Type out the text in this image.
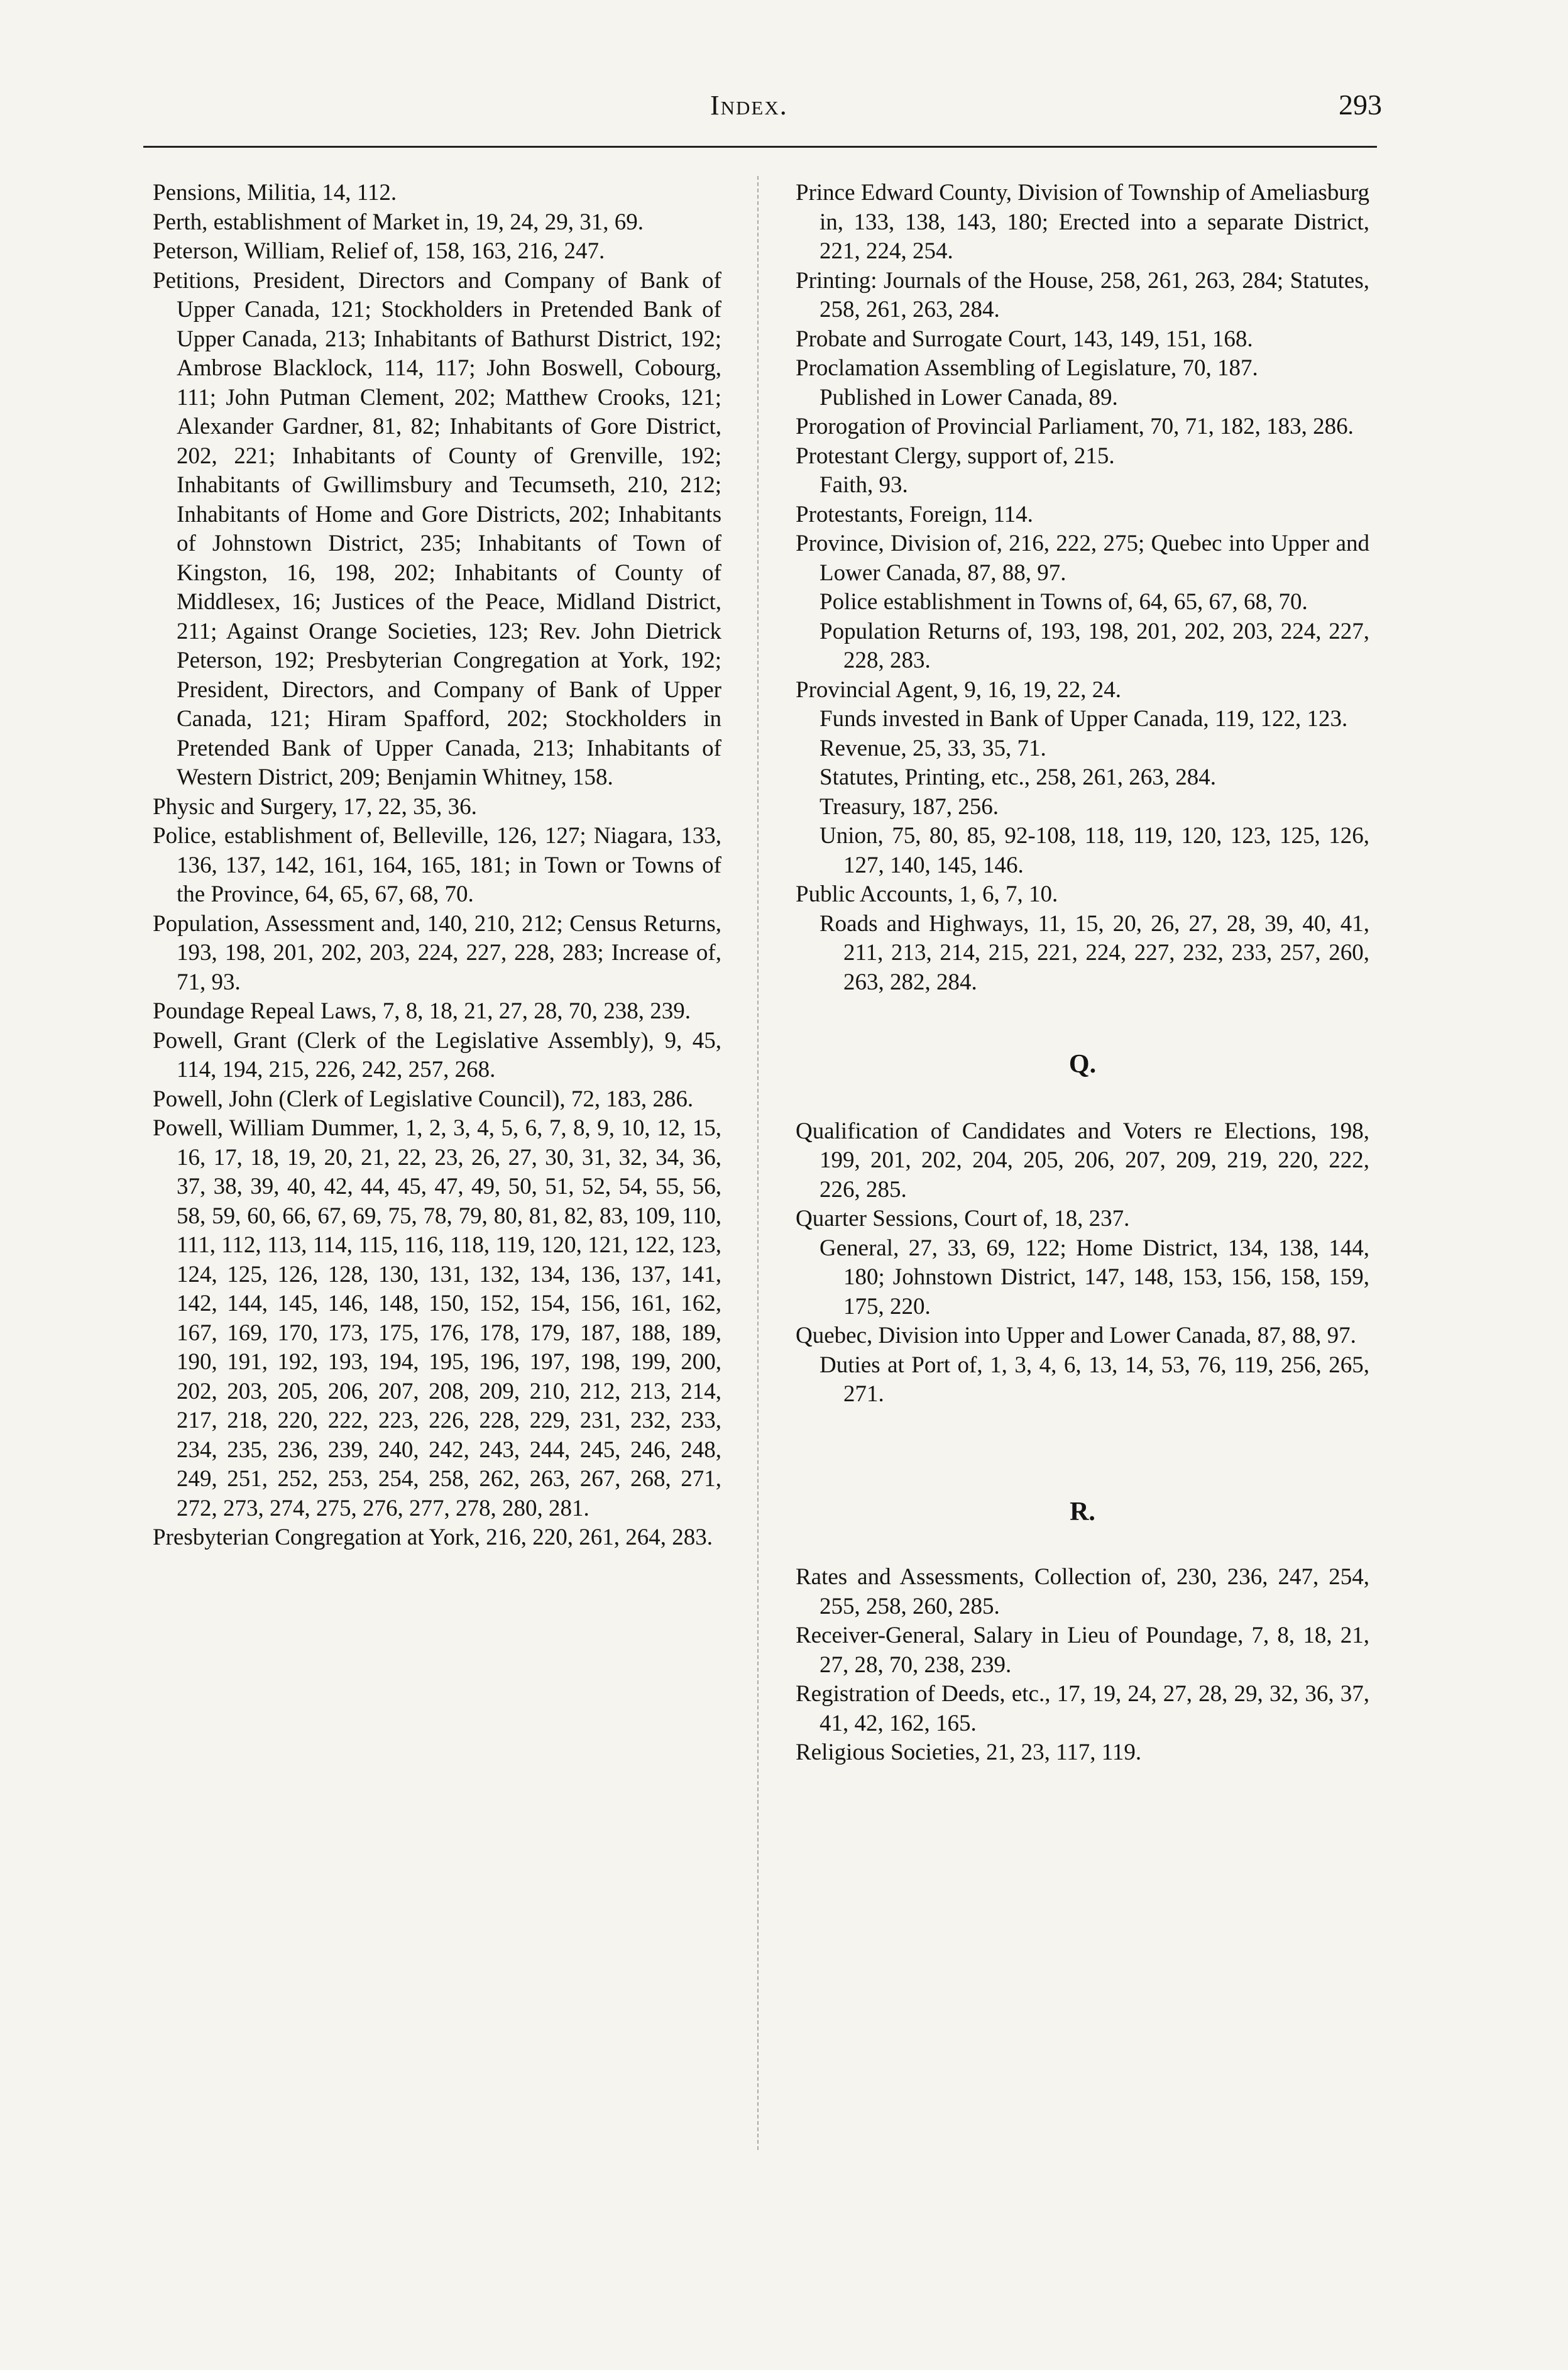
Index.	293

Pensions, Militia, 14, 112.

Perth, establishment of Market in, 19, 24, 29, 31, 69.

Peterson, William, Relief of, 158, 163, 216, 247.

Petitions, President, Directors and Company of Bank of Upper Canada, 121; Stockholders in Pretended Bank of Upper Canada, 213; Inhabitants of Bathurst District, 192; Ambrose Blacklock, 114, 117; John Boswell, Cobourg, 111; John Putman Clement, 202; Matthew Crooks, 121; Alexander Gardner, 81, 82; Inhabitants of Gore District, 202, 221; Inhabitants of County of Grenville, 192; Inhabitants of Gwillimsbury and Tecumseth, 210, 212; Inhabitants of Home and Gore Districts, 202; Inhabitants of Johnstown District, 235; Inhabitants of Town of Kingston, 16, 198, 202; Inhabitants of County of Middlesex, 16; Justices of the Peace, Midland District, 211; Against Orange Societies, 123; Rev. John Dietrick Peterson, 192; Presbyterian Congregation at York, 192; President, Directors, and Company of Bank of Upper Canada, 121; Hiram Spafford, 202; Stockholders in Pretended Bank of Upper Canada, 213; Inhabitants of Western District, 209; Benjamin Whitney, 158.

Physic and Surgery, 17, 22, 35, 36.

Police, establishment of, Belleville, 126, 127; Niagara, 133, 136, 137, 142, 161, 164, 165, 181; in Town or Towns of the Province, 64, 65, 67, 68, 70.

Population, Assessment and, 140, 210, 212; Census Returns, 193, 198, 201, 202, 203, 224, 227, 228, 283; Increase of, 71, 93.

Poundage Repeal Laws, 7, 8, 18, 21, 27, 28, 70, 238, 239.

Powell, Grant (Clerk of the Legislative Assembly), 9, 45, 114, 194, 215, 226, 242, 257, 268.

Powell, John (Clerk of Legislative Council), 72, 183, 286.

Powell, William Dummer, 1, 2, 3, 4, 5, 6, 7, 8, 9, 10, 12, 15, 16, 17, 18, 19, 20, 21, 22, 23, 26, 27, 30, 31, 32, 34, 36, 37, 38, 39, 40, 42, 44, 45, 47, 49, 50, 51, 52, 54, 55, 56, 58, 59, 60, 66, 67, 69, 75, 78, 79, 80, 81, 82, 83, 109, 110, 111, 112, 113, 114, 115, 116, 118, 119, 120, 121, 122, 123, 124, 125, 126, 128, 130, 131, 132, 134, 136, 137, 141, 142, 144, 145, 146, 148, 150, 152, 154, 156, 161, 162, 167, 169, 170, 173, 175, 176, 178, 179, 187, 188, 189, 190, 191, 192, 193, 194, 195, 196, 197, 198, 199, 200, 202, 203, 205, 206, 207, 208, 209, 210, 212, 213, 214, 217, 218, 220, 222, 223, 226, 228, 229, 231, 232, 233, 234, 235, 236, 239, 240, 242, 243, 244, 245, 246, 248, 249, 251, 252, 253, 254, 258, 262, 263, 267, 268, 271, 272, 273, 274, 275, 276, 277, 278, 280, 281.

Presbyterian Congregation at York, 216, 220, 261, 264, 283.

Prince Edward County, Division of Township of Ameliasburg in, 133, 138, 143, 180; Erected into a separate District, 221, 224, 254.

Printing: Journals of the House, 258, 261, 263, 284; Statutes, 258, 261, 263, 284.

Probate and Surrogate Court, 143, 149, 151, 168.

Proclamation Assembling of Legislature, 70, 187.

Published in Lower Canada, 89.

Prorogation of Provincial Parliament, 70, 71, 182, 183, 286.

Protestant Clergy, support of, 215.

Faith, 93.

Protestants, Foreign, 114.

Province, Division of, 216, 222, 275; Quebec into Upper and Lower Canada, 87, 88, 97.

Police establishment in Towns of, 64, 65, 67, 68, 70.

Population Returns of, 193, 198, 201, 202, 203, 224, 227, 228, 283.

Provincial Agent, 9, 16, 19, 22, 24.

Funds invested in Bank of Upper Canada, 119, 122, 123.

Revenue, 25, 33, 35, 71.

Statutes, Printing, etc., 258, 261, 263, 284.

Treasury, 187, 256.

Union, 75, 80, 85, 92-108, 118, 119, 120, 123, 125, 126, 127, 140, 145, 146.

Public Accounts, 1, 6, 7, 10.

Roads and Highways, 11, 15, 20, 26, 27, 28, 39, 40, 41, 211, 213, 214, 215, 221, 224, 227, 232, 233, 257, 260, 263, 282, 284.

Q.

Qualification of Candidates and Voters re Elections, 198, 199, 201, 202, 204, 205, 206, 207, 209, 219, 220, 222, 226, 285.

Quarter Sessions, Court of, 18, 237.

General, 27, 33, 69, 122; Home District, 134, 138, 144, 180; Johnstown District, 147, 148, 153, 156, 158, 159, 175, 220.

Quebec, Division into Upper and Lower Canada, 87, 88, 97.

Duties at Port of, 1, 3, 4, 6, 13, 14, 53, 76, 119, 256, 265, 271.

R.

Rates and Assessments, Collection of, 230, 236, 247, 254, 255, 258, 260, 285.

Receiver-General, Salary in Lieu of Poundage, 7, 8, 18, 21, 27, 28, 70, 238, 239.

Registration of Deeds, etc., 17, 19, 24, 27, 28, 29, 32, 36, 37, 41, 42, 162, 165.

Religious Societies, 21, 23, 117, 119.
